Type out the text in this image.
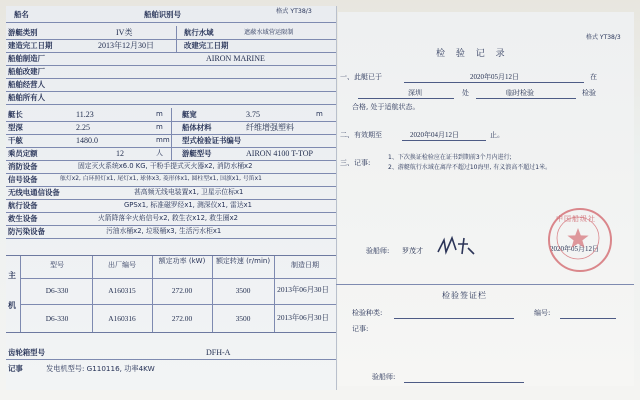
船名	船舶识别号	格式 YT38/3
游艇类别	IV类	航行水域	遮蔽水域营运限制
建造完工日期	2013年12月30日	改建完工日期
船舶制造厂	AIRON MARINE
船舶改建厂
船舶经营人
船舶所有人
艇长	11.23	m	艇宽	3.75	m
型深	2.25	m	船体材料	纤维增强塑料
干舷	1480.0	mm 型式检验证书编号
乘员定额	12	人	游艇型号	AIRON 4100 T-TOP
消防设备	固定灭火系统x6.0 KG, 干粉手提式灭火器x2, 消防水桶x2
信号设备	舷灯x2, 白环照灯x1, 尾灯x1, 球体x3, 菱形体x1, 圆柱型x1, 国旗x1, 号笛x1
无线电通信设备	甚高频无线电装置x1, 卫星示位标x1
航行设备	GPSx1, 标准磁罗经x1, 测深仪x1, 雷达x1
救生设备	火箭降落伞火焰信号x2, 救生衣x12, 救生圈x2
防污染设备	污油水桶x2, 垃圾桶x3, 生活污水柜x1
齿轮箱型号	DFH-A
记事	发电机型号: G110116, 功率4KW
主
机
型号	出厂编号	额定功率 (kW)	额定转速 (r/min)	制造日期
D6-330	A160315	272.00	3500	2013年06月30日
D6-330	A160316	272.00	3500	2013年06月30日
格式 YT38/3
检 验 记 录
一、此艇已于	2020年05月12日	在
深圳	处	临时检验	检验
合格, 处于适航状态。
二、有效期至	2020年04月12日	止。
三、记事:
1、下次换证检验应在证书到期前3个月内进行;
2、游艇航行水域在离岸不超过10海里, 有义浪高不超过1米。
验船师: 罗茂才	2020年05月12日
检验签证栏
检验种类:	编号:
记事:
验船师:
中国船级社
